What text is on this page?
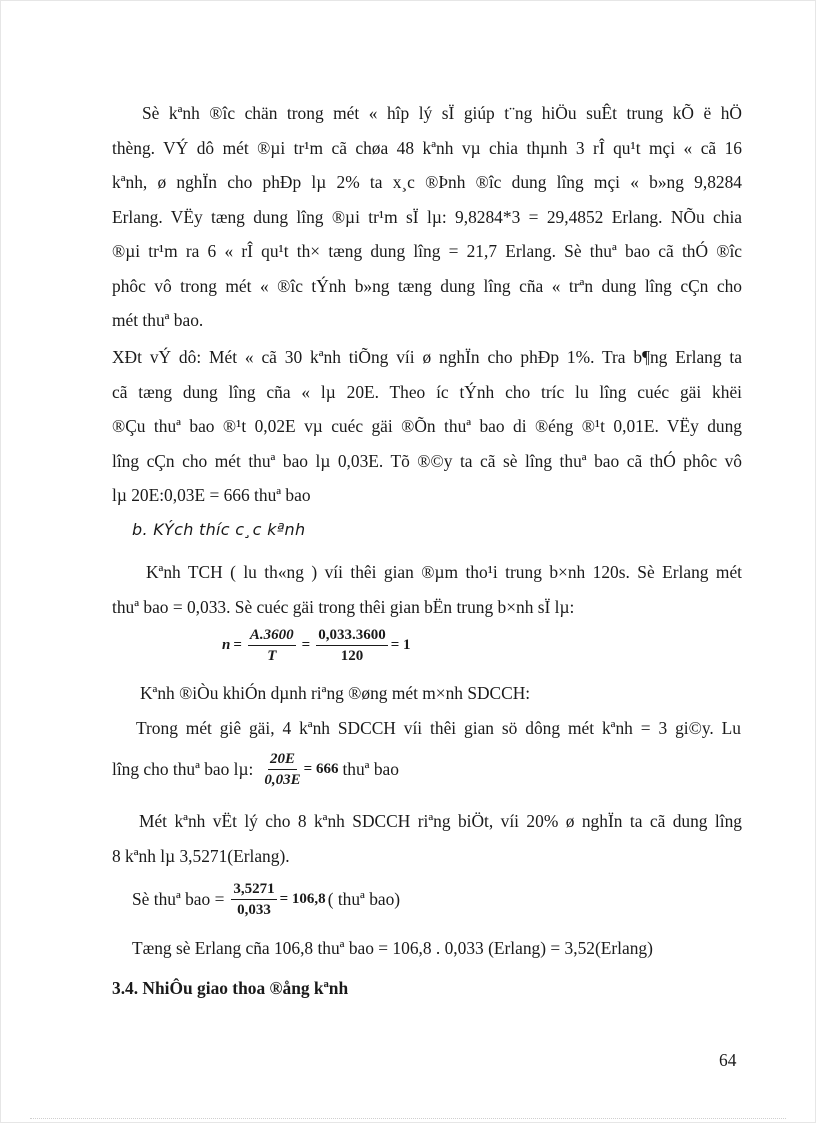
Sè kªnh ®îc chän trong mét « hîp lý sÏ giúp t¨ng hiÖu suÊt trung kÕ ë hÖ
thèng. VÝ dô mét ®µi tr¹m cã chøa 48 kªnh vµ chia thµnh 3 rÎ qu¹t mçi « cã 16
kªnh, ø nghÏn cho phÐp lµ 2% ta x¸c ®Þnh ®îc dung lîng mçi « b»ng 9,8284
Erlang. VËy tæng dung lîng ®µi tr¹m sÏ lµ: 9,8284*3 = 29,4852 Erlang. NÕu chia
®µi tr¹m ra 6 « rÎ qu¹t th× tæng dung lîng = 21,7 Erlang. Sè thuª bao cã thÓ ®îc
phôc vô trong mét « ®îc tÝnh b»ng tæng dung lîng cña « trªn dung lîng cÇn cho
mét thuª bao.
XÐt vÝ dô: Mét « cã 30 kªnh tiÕng víi ø nghÏn cho phÐp 1%. Tra b¶ng Erlang ta
cã tæng dung lîng cña « lµ 20E. Theo íc tÝnh cho tríc lu lîng cuéc gäi khëi
®Çu thuª bao ®¹t 0,02E vµ cuéc gäi ®Õn thuª bao di ®éng ®¹t 0,01E. VËy dung
lîng cÇn cho mét thuª bao lµ 0,03E. Tõ ®©y ta cã sè lîng thuª bao cã thÓ phôc vô
lµ 20E:0,03E = 666 thuª bao
b. KÝch thíc c¸c kªnh
Kªnh TCH ( lu th«ng ) víi thêi gian ®µm tho¹i trung b×nh 120s. Sè Erlang mét
thuª bao = 0,033. Sè cuéc gäi trong thêi gian bËn trung b×nh sÏ lµ:
$n = \frac{A.3600}{T} = \frac{0,033.3600}{120} = 1$
Kªnh ®iÒu khiÓn dµnh riªng ®øng mét m×nh SDCCH:
Trong mét giê gäi, 4 kªnh SDCCH víi thêi gian sö dông mét kªnh = 3 gi©y. Lu
lîng cho thuª bao lµ: $\frac{20E}{0,03E} = 666$ thuª bao
Mét kªnh vËt lý cho 8 kªnh SDCCH riªng biÖt, víi 20% ø nghÏn ta cã dung lîng
8 kªnh lµ 3,5271(Erlang).
Sè thuª bao = $\frac{3,5271}{0,033} = 106,8$ ( thuª bao)
Tæng sè Erlang cña 106,8 thuª bao = 106,8 . 0,033 (Erlang) = 3,52(Erlang)
3.4. NhiÔu giao thoa ®ång kªnh
64
